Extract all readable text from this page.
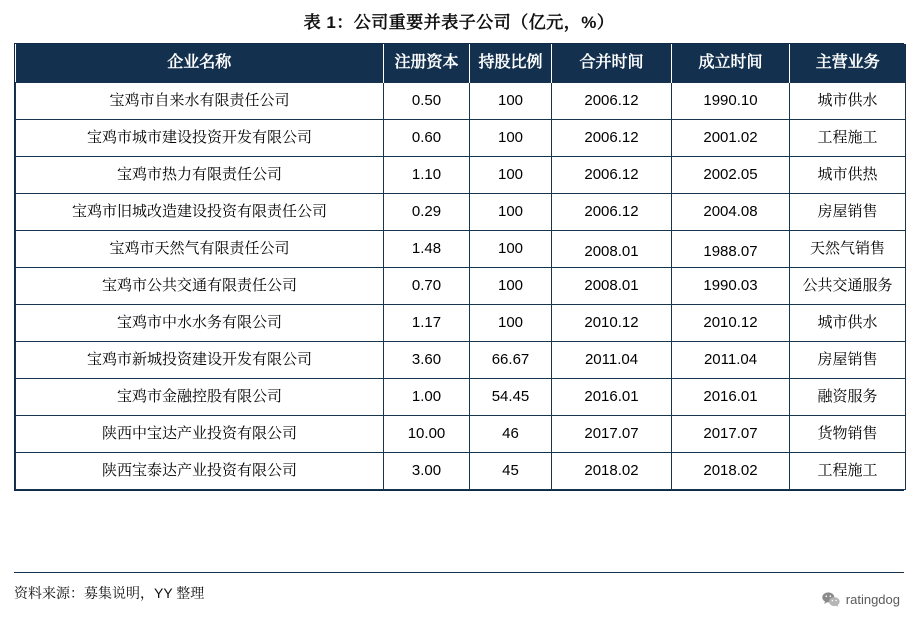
表 1：公司重要并表子公司（亿元，%）
企业名称	注册资本	持股比例	合并时间	成立时间	主营业务
宝鸡市自来水有限责任公司	0.50	100	2006.12	1990.10	城市供水
宝鸡市城市建设投资开发有限公司	0.60	100	2006.12	2001.02	工程施工
宝鸡市热力有限责任公司	1.10	100	2006.12	2002.05	城市供热
宝鸡市旧城改造建设投资有限责任公司	0.29	100	2006.12	2004.08	房屋销售
宝鸡市天然气有限责任公司	1.48	100	2008.01	1988.07	天然气销售
宝鸡市公共交通有限责任公司	0.70	100	2008.01	1990.03	公共交通服务
宝鸡市中水水务有限公司	1.17	100	2010.12	2010.12	城市供水
宝鸡市新城投资建设开发有限公司	3.60	66.67	2011.04	2011.04	房屋销售
宝鸡市金融控股有限公司	1.00	54.45	2016.01	2016.01	融资服务
陕西中宝达产业投资有限公司	10.00	46	2017.07	2017.07	货物销售
陕西宝泰达产业投资有限公司	3.00	45	2018.02	2018.02	工程施工
资料来源：募集说明，YY 整理	ratingdog
